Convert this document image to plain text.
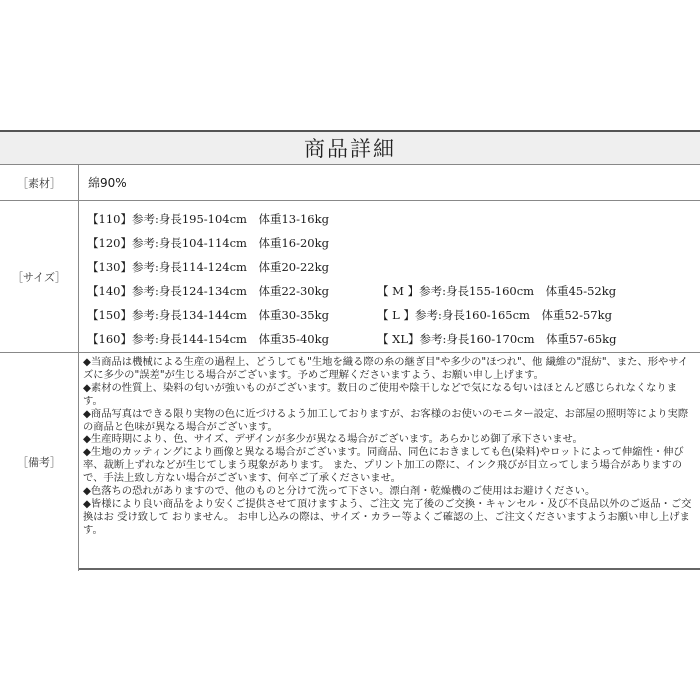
商品詳細
［素材］	綿90%
［サイズ］
【110】参考:身長195-104cm　体重13-16kg
【120】参考:身長104-114cm　体重16-20kg
【130】参考:身長114-124cm　体重20-22kg
【140】参考:身長124-134cm　体重22-30kg	【 M 】参考:身長155-160cm　体重45-52kg
【150】参考:身長134-144cm　体重30-35kg	【 L 】参考:身長160-165cm　体重52-57kg
【160】参考:身長144-154cm　体重35-40kg	【 XL】参考:身長160-170cm　体重57-65kg
［備考］

◆当商品は機械による生産の過程上、どうしても"生地を織る際の糸の継ぎ目"や多少の"ほつれ"、他 繊維の"混紡"、また、形やサイズに多少の"誤差"が生じる場合がございます。予めご理解くださいますよう、お願い申し上げます。

◆素材の性質上、染料の匂いが強いものがございます。数日のご使用や陰干しなどで気になる匂いはほとんど感じられなくなります。

◆商品写真はできる限り実物の色に近づけるよう加工しておりますが、お客様のお使いのモニター設定、お部屋の照明等により実際の商品と色味が異なる場合がございます。

◆生産時期により、色、サイズ、デザインが多少が異なる場合がございます。あらかじめ御了承下さいませ。

◆生地のカッティングにより画像と異なる場合がございます。同商品、同色におきましても色(染料)やロットによって伸縮性・伸び率、裁断上ずれなどが生じてしまう現象があります。 また、プリント加工の際に、インク飛びが目立ってしまう場合がありますので、手法上致し方ない場合がございます、何卒ご了承くださいませ。

◆色落ちの恐れがありますので、他のものと分けて洗って下さい。漂白剤・乾燥機のご使用はお避けください。

◆皆様により良い商品をより安くご提供させて頂けますよう、ご注文 完了後のご交換・キャンセル・及び不良品以外のご返品・ご交換はお 受け致して おりません。 お申し込みの際は、サイズ・カラー等よくご確認の上、ご注文くださいますようお願い申し上げます。
